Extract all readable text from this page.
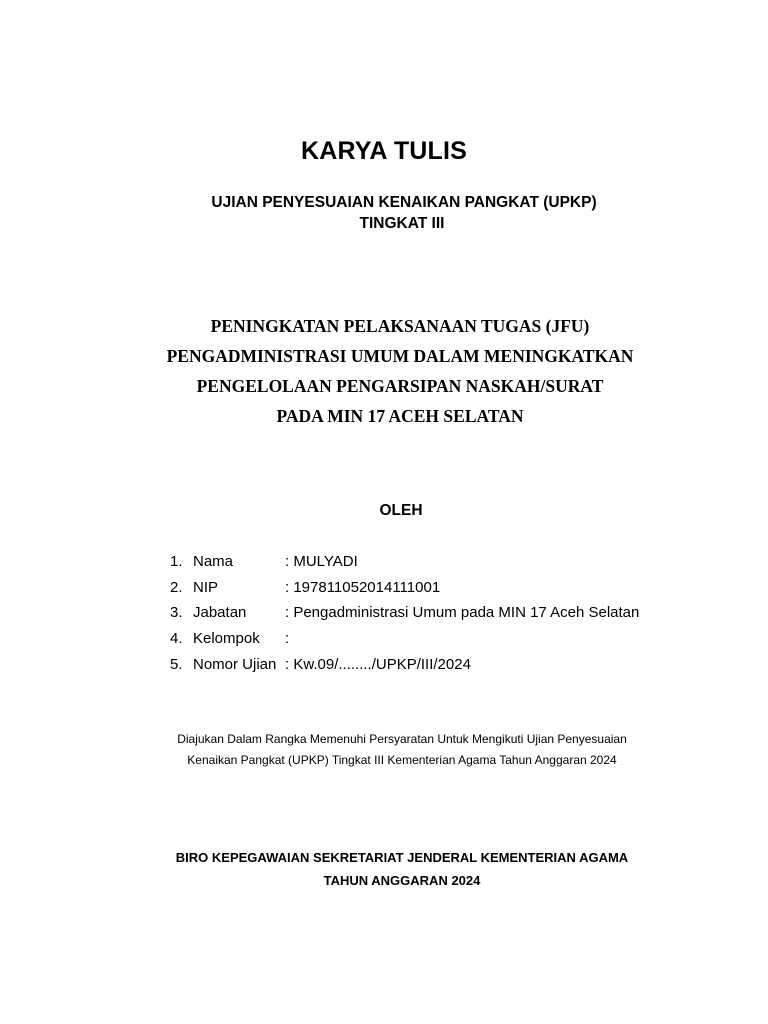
KARYA TULIS
UJIAN PENYESUAIAN KENAIKAN PANGKAT (UPKP)
TINGKAT III
PENINGKATAN PELAKSANAAN TUGAS (JFU)
PENGADMINISTRASI UMUM DALAM MENINGKATKAN
PENGELOLAAN PENGARSIPAN NASKAH/SURAT
PADA MIN 17 ACEH SELATAN
OLEH
1. Nama	: MULYADI
2. NIP	: 197811052014111001
3. Jabatan	: Pengadministrasi Umum pada MIN 17 Aceh Selatan
4. Kelompok :
5. Nomor Ujian : Kw.09/......../UPKP/III/2024
Diajukan Dalam Rangka Memenuhi Persyaratan Untuk Mengikuti Ujian Penyesuaian
Kenaikan Pangkat (UPKP) Tingkat III Kementerian Agama Tahun Anggaran 2024
BIRO KEPEGAWAIAN SEKRETARIAT JENDERAL KEMENTERIAN AGAMA
TAHUN ANGGARAN 2024
